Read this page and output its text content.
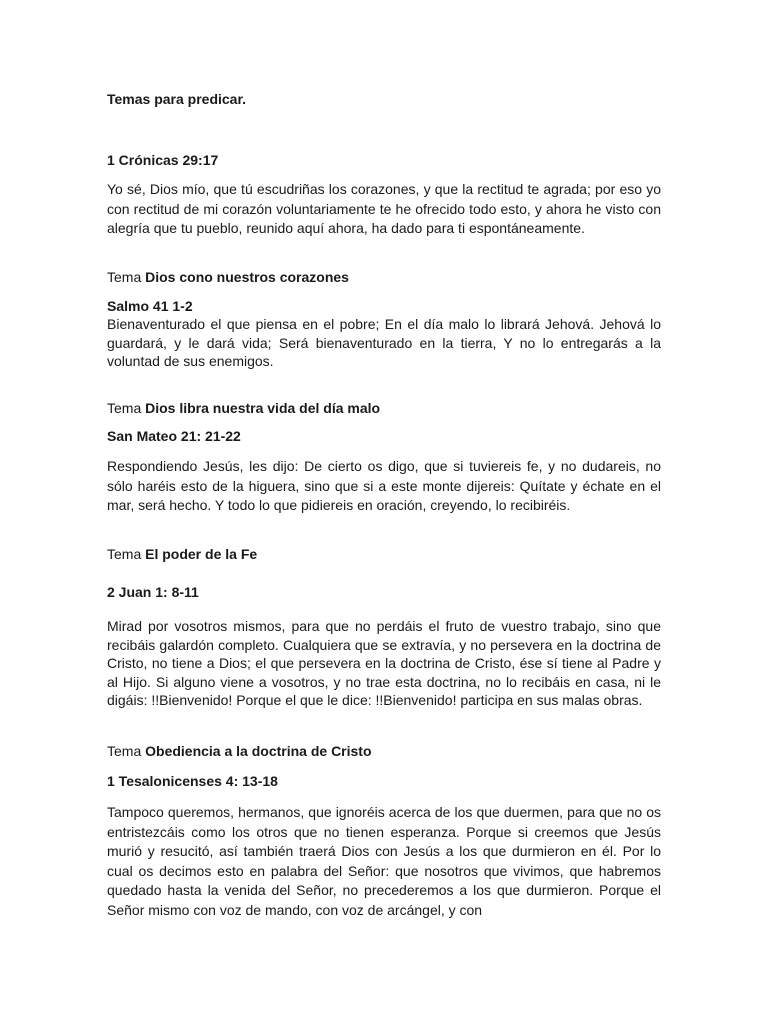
Temas para predicar.

1 Crónicas 29:17

Yo sé, Dios mío, que tú escudriñas los corazones, y que la rectitud te agrada; por eso yo con rectitud de mi corazón voluntariamente te he ofrecido todo esto, y ahora he visto con alegría que tu pueblo, reunido aquí ahora, ha dado para ti espontáneamente.

Tema Dios cono nuestros corazones

Salmo 41 1-2

Bienaventurado el que piensa en el pobre; En el día malo lo librará Jehová. Jehová lo guardará, y le dará vida; Será bienaventurado en la tierra, Y no lo entregarás a la voluntad de sus enemigos.

Tema Dios libra nuestra vida del día malo

San Mateo 21: 21-22

Respondiendo Jesús, les dijo: De cierto os digo, que si tuviereis fe, y no dudareis, no sólo haréis esto de la higuera, sino que si a este monte dijereis: Quítate y échate en el mar, será hecho. Y todo lo que pidiereis en oración, creyendo, lo recibiréis.

Tema El poder de la Fe

2 Juan 1: 8-11

Mirad por vosotros mismos, para que no perdáis el fruto de vuestro trabajo, sino que recibáis galardón completo. Cualquiera que se extravía, y no persevera en la doctrina de Cristo, no tiene a Dios; el que persevera en la doctrina de Cristo, ése sí tiene al Padre y al Hijo. Si alguno viene a vosotros, y no trae esta doctrina, no lo recibáis en casa, ni le digáis: !!Bienvenido! Porque el que le dice: !!Bienvenido! participa en sus malas obras.

Tema Obediencia a la doctrina de Cristo

1 Tesalonicenses 4: 13-18

Tampoco queremos, hermanos, que ignoréis acerca de los que duermen, para que no os entristezcáis como los otros que no tienen esperanza. Porque si creemos que Jesús murió y resucitó, así también traerá Dios con Jesús a los que durmieron en él. Por lo cual os decimos esto en palabra del Señor: que nosotros que vivimos, que habremos quedado hasta la venida del Señor, no precederemos a los que durmieron. Porque el Señor mismo con voz de mando, con voz de arcángel, y con
